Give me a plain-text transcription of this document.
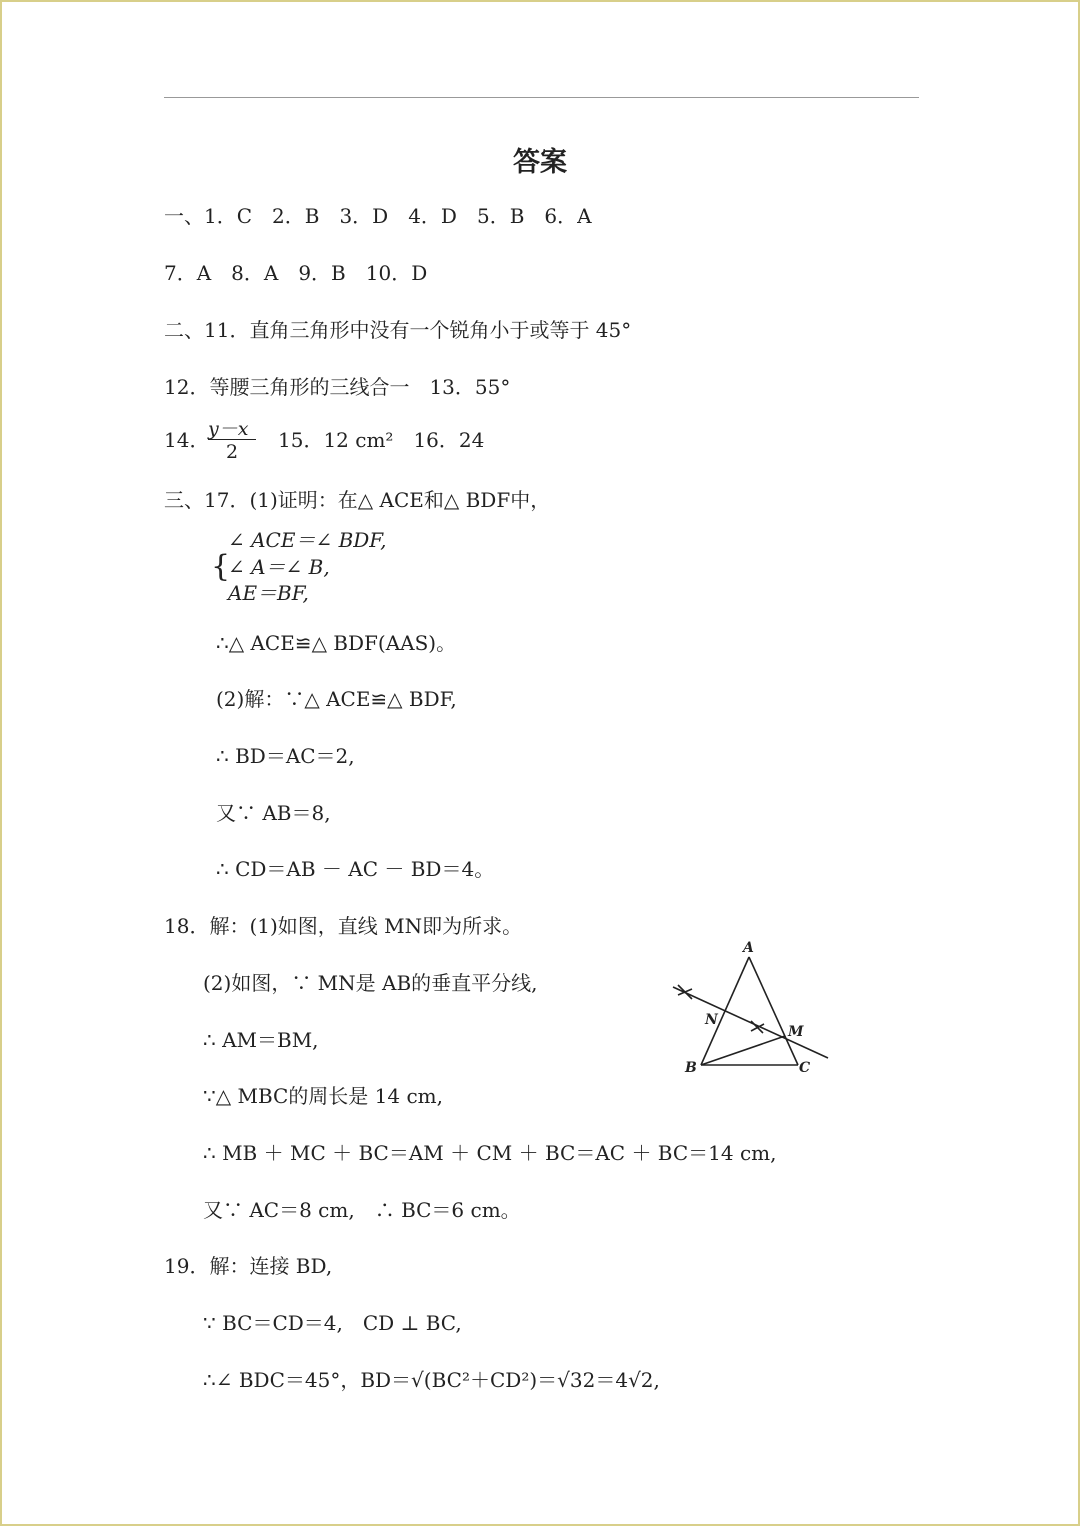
答案
一、1．C　2．B　3．D　4．D　5．B　6．A
7．A　8．A　9．B　10．D
二、11．直角三角形中没有一个锐角小于或等于 45°
12．等腰三角形的三线合一　13．55°
14．
y－x
2 15．12 cm²　16．24
三、17．(1)证明：在△ ACE和△ BDF中，
{
∠ ACE＝∠ BDF,
∠ A＝∠ B,
AE＝BF,
∴△ ACE≌△ BDF(AAS)。
(2)解：∵△ ACE≌△ BDF,
∴ BD＝AC＝2,
又∵ AB＝8,
∴ CD＝AB － AC － BD＝4。
18．解：(1)如图，直线 MN即为所求。
(2)如图，∵ MN是 AB的垂直平分线,
∴ AM＝BM,
∵△ MBC的周长是 14 cm,
∴ MB ＋ MC ＋ BC＝AM ＋ CM ＋ BC＝AC ＋ BC＝14 cm,
又∵ AC＝8 cm,　∴ BC＝6 cm。
19．解：连接 BD,
∵ BC＝CD＝4,　CD ⊥ BC,
∴∠ BDC＝45°，BD＝√(BC²＋CD²)＝√32＝4√2,
A
B	C
M
N
